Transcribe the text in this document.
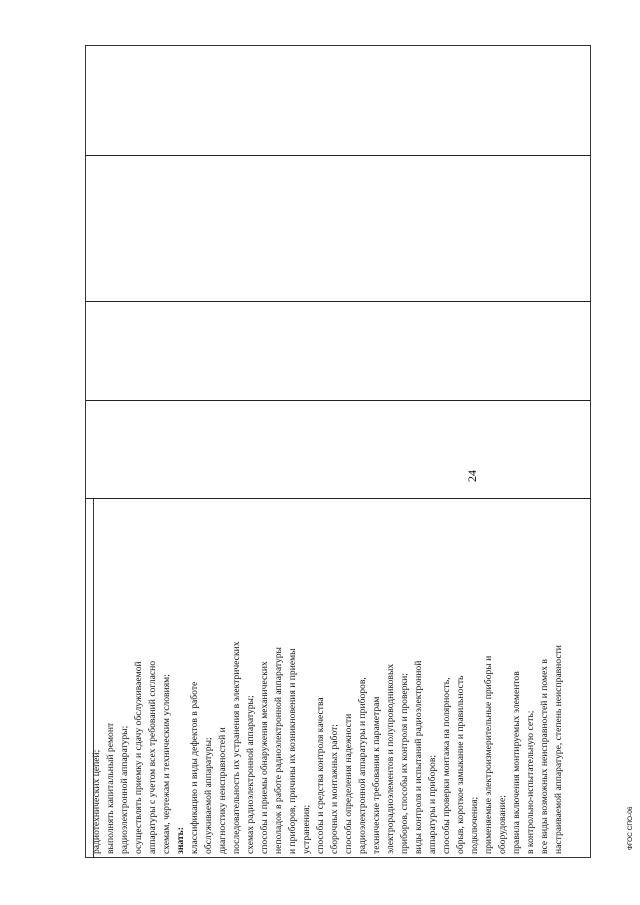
радиотехнических цепей; выполнять капитальный ремонт радиоэлектронной аппаратуры; осуществлять приемку и сдачу обслуживаемой аппаратуры с учетом всех требований согласно схемам, чертежам и техническим условиям; знать: классификацию и виды дефектов в работе обслуживаемой аппаратуры; диагностику неисправностей и последовательность их устранения в электрических схемах радиоэлектронной аппаратуры; способы и приемы обнаружения механических неполадок в работе радиоэлектронной аппаратуры и приборов, причины их возникновения и приемы устранения; способы и средства контроля качества сборочных и монтажных работ; способы определения надежности радиоэлектронной аппаратуры и приборов, технические требования к параметрам электрорадиоэлементов и полупроводниковых приборов, способы их контроля и проверки; виды контроля и испытаний радиоэлектронной аппаратуры и приборов; способы проверки монтажа на полярность, обрыв, короткое замыкание и правильность подключения; применяемые электроизмерительные приборы и оборудование; правила включения монтируемых элементов в контрольно-испытательную сеть; все виды возможных неисправностей и помех в настраиваемой аппаратуре, степень неисправности
24
ФГОС СПО-06
